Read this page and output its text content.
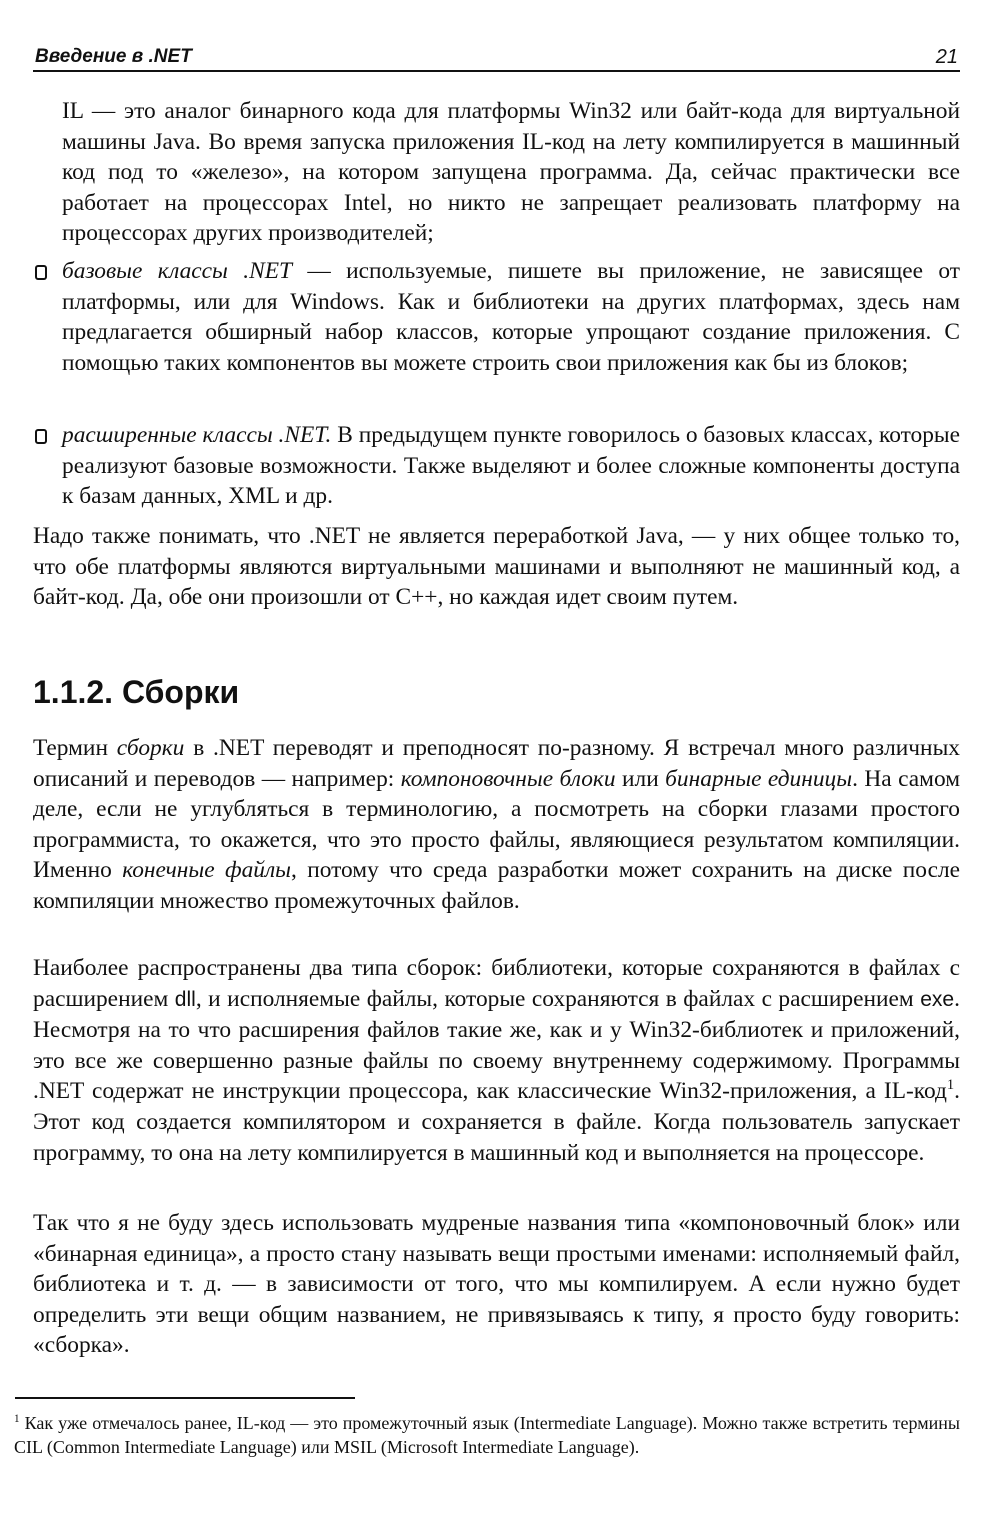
Введение в .NET	21
IL — это аналог бинарного кода для платформы Win32 или байт-кода для виртуальной машины Java. Во время запуска приложения IL-код на лету компилируется в машинный код под то «железо», на котором запущена программа. Да, сейчас практически все работает на процессорах Intel, но никто не запрещает реализовать платформу на процессорах других производителей;
базовые классы .NET — используемые, пишете вы приложение, не зависящее от платформы, или для Windows. Как и библиотеки на других платформах, здесь нам предлагается обширный набор классов, которые упрощают создание приложения. С помощью таких компонентов вы можете строить свои приложения как бы из блоков;
расширенные классы .NET. В предыдущем пункте говорилось о базовых классах, которые реализуют базовые возможности. Также выделяют и более сложные компоненты доступа к базам данных, XML и др.
Надо также понимать, что .NET не является переработкой Java, — у них общее только то, что обе платформы являются виртуальными машинами и выполняют не машинный код, а байт-код. Да, обе они произошли от C++, но каждая идет своим путем.
1.1.2. Сборки
Термин сборки в .NET переводят и преподносят по-разному. Я встречал много различных описаний и переводов — например: компоновочные блоки или бинарные единицы. На самом деле, если не углубляться в терминологию, а посмотреть на сборки глазами простого программиста, то окажется, что это просто файлы, являющиеся результатом компиляции. Именно конечные файлы, потому что среда разработки может сохранить на диске после компиляции множество промежуточных файлов.
Наиболее распространены два типа сборок: библиотеки, которые сохраняются в файлах с расширением dll, и исполняемые файлы, которые сохраняются в файлах с расширением exe. Несмотря на то что расширения файлов такие же, как и у Win32-библиотек и приложений, это все же совершенно разные файлы по своему внутреннему содержимому. Программы .NET содержат не инструкции процессора, как классические Win32-приложения, а IL-код$^1$. Этот код создается компилятором и сохраняется в файле. Когда пользователь запускает программу, то она на лету компилируется в машинный код и выполняется на процессоре.
Так что я не буду здесь использовать мудреные названия типа «компоновочный блок» или «бинарная единица», а просто стану называть вещи простыми именами: исполняемый файл, библиотека и т. д. — в зависимости от того, что мы компилируем. А если нужно будет определить эти вещи общим названием, не привязываясь к типу, я просто буду говорить: «сборка».
$^1$ Как уже отмечалось ранее, IL-код — это промежуточный язык (Intermediate Language). Можно также встретить термины CIL (Common Intermediate Language) или MSIL (Microsoft Intermediate Language).
